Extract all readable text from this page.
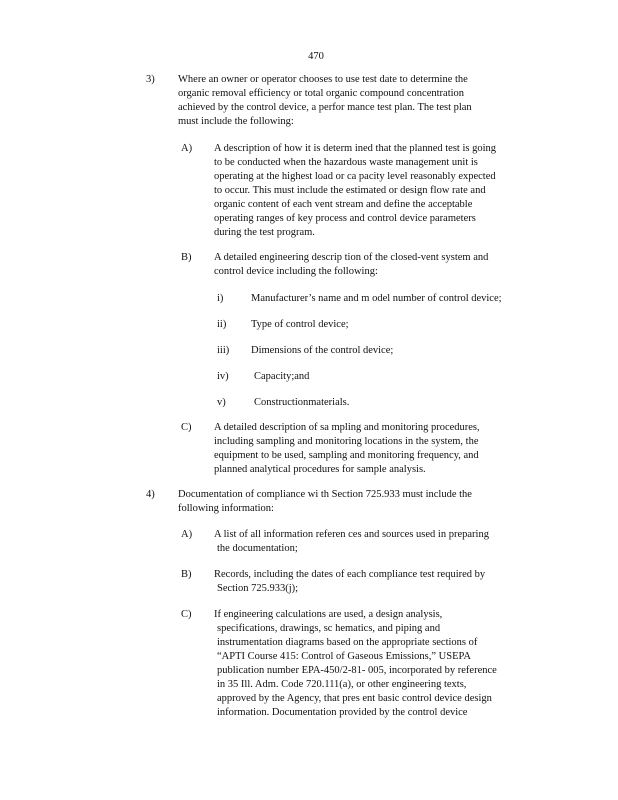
470
3) Where an owner or operator chooses to use test date to determine the
organic removal efficiency or total organic compound concentration
achieved by the control device, a perfor mance test plan. The test plan
must include the following:
A) A description of how it is determ ined that the planned test is going
to be conducted when the hazardous waste management unit is
operating at the highest load or ca pacity level reasonably expected
to occur. This must include the estimated or design flow rate and
organic content of each vent stream and define the acceptable
operating ranges of key process and control device parameters
during the test program.
B) A detailed engineering descrip tion of the closed-vent system and
control device including the following:
i)	Manufacturer’s name and m odel number of control device;
ii) Type of control device;
iii) Dimensions of the control device;
iv) Capacity;and
v)	Constructionmaterials.
C) A detailed description of sa mpling and monitoring procedures,
including sampling and monitoring locations in the system, the
equipment to be used, sampling and monitoring frequency, and
planned analytical procedures for sample analysis.
4) Documentation of compliance wi th Section 725.933 must include the
following information:
A) A list of all information referen ces and sources used in preparing
the documentation;
B) Records, including the dates of each compliance test required by
Section 725.933(j);
C) If engineering calculations are used, a design analysis,
specifications, drawings, sc hematics, and piping and
instrumentation diagrams based on the appropriate sections of
“APTI Course 415: Control of Gaseous Emissions,” USEPA
publication number EPA-450/2-81- 005, incorporated by reference
in 35 Ill. Adm. Code 720.111(a), or other engineering texts,
approved by the Agency, that pres ent basic control device design
information. Documentation provided by the control device
